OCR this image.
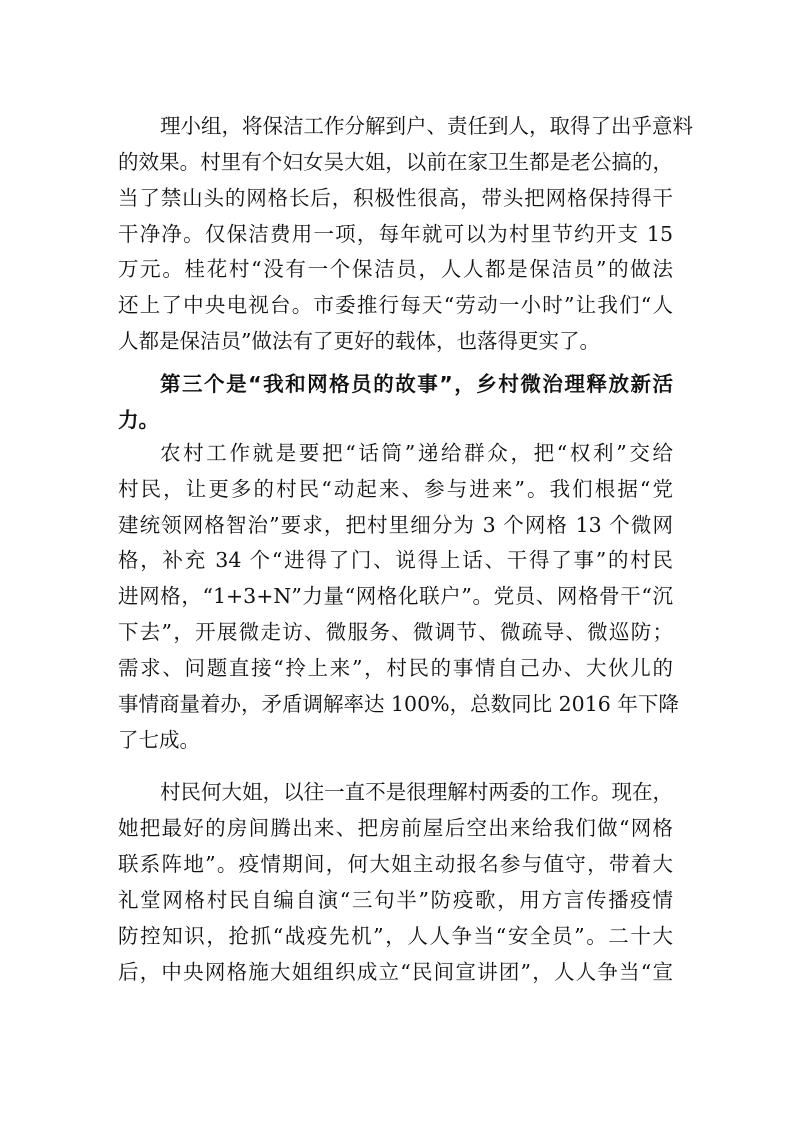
理小组，将保洁工作分解到户、责任到人，取得了出乎意料
的效果。村里有个妇女吴大姐，以前在家卫生都是老公搞的，
当了禁山头的网格长后，积极性很高，带头把网格保持得干
干净净。仅保洁费用一项，每年就可以为村里节约开支 15
万元。桂花村“没有一个保洁员，人人都是保洁员”的做法
还上了中央电视台。市委推行每天“劳动一小时”让我们“人
人都是保洁员”做法有了更好的载体，也落得更实了。
第三个是“我和网格员的故事”，乡村微治理释放新活
力。
农村工作就是要把“话筒”递给群众，把“权利”交给
村民，让更多的村民“动起来、参与进来”。我们根据“党
建统领网格智治”要求，把村里细分为 3 个网格 13 个微网
格，补充 34 个“进得了门、说得上话、干得了事”的村民
进网格，“1+3+N”力量“网格化联户”。党员、网格骨干“沉
下去”，开展微走访、微服务、微调节、微疏导、微巡防；
需求、问题直接“拎上来”，村民的事情自己办、大伙儿的
事情商量着办，矛盾调解率达 100%，总数同比 2016 年下降
了七成。
村民何大姐，以往一直不是很理解村两委的工作。现在，
她把最好的房间腾出来、把房前屋后空出来给我们做“网格
联系阵地”。疫情期间，何大姐主动报名参与值守，带着大
礼堂网格村民自编自演“三句半”防疫歌，用方言传播疫情
防控知识，抢抓“战疫先机”，人人争当“安全员”。二十大
后，中央网格施大姐组织成立“民间宣讲团”，人人争当“宣
